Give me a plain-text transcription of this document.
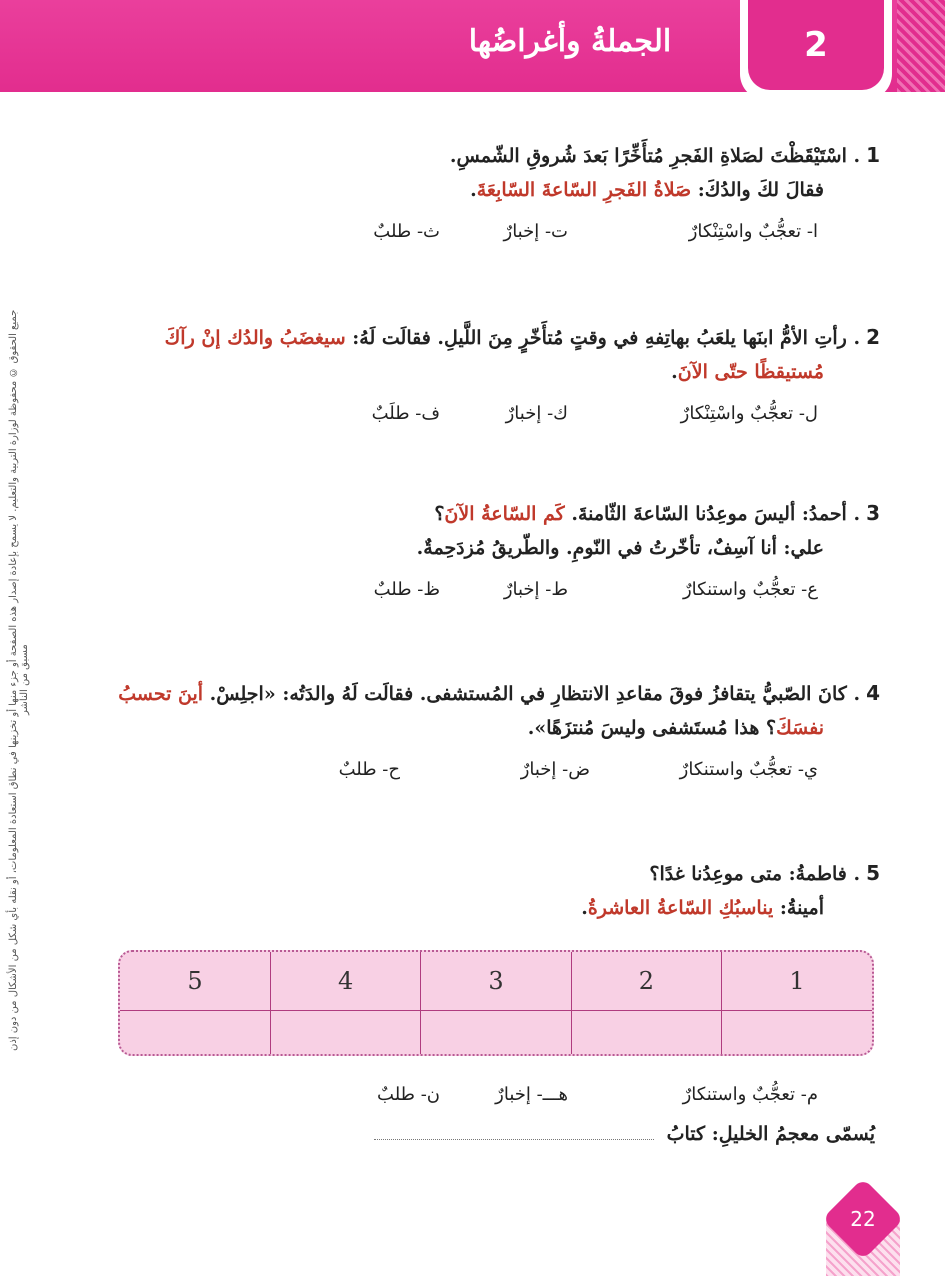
2
الجملةُ وأغراضُها
جميع الحقوق © محفوظة لوزارة التربية والتعليم. لا يسمح بإعادة إصدار هذه الصفحة أو جزء منها أو تخزينها في نطاق استعادة المعلومات، أو نقله بأي شكل من الأشكال من دون إذن مسبق من الناشر
1. اسْتَيْقَظْتَ لصَلاةِ الفَجرِ مُتأَخِّرًا بَعدَ شُروقِ الشّمسِ.
فقالَ لكَ والدُكَ: صَلاةُ الفَجرِ السّاعةَ السّابِعَةَ.
ا- تعجُّبٌ واسْتِنْكارٌ
ت- إخبارٌ
ث- طلبٌ
2. رأتِ الأمُّ ابنَها يلعَبُ بهاتِفهِ في وقتٍ مُتأَخّرٍ مِنَ اللَّيلِ. فقالَت لَهُ: سيغضَبُ والدُك إنْ رآكَ
مُستيقظًا حتّى الآنَ.
ل- تعجُّبٌ واسْتِنْكارٌ
ك- إخبارٌ
ف- طلَبٌ
3. أحمدُ: أليسَ موعِدُنا السّاعةَ الثّامنةَ. كَم السّاعةُ الآنَ؟
علي: أنا آسِفٌ، تأخّرتُ في النّومِ. والطّريقُ مُزدَحِمةٌ.
ع- تعجُّبٌ واستنكارٌ
ط- إخبارٌ
ظ- طلبٌ
4. كانَ الصّبيُّ يتقافزُ فوقَ مقاعدِ الانتظارِ في المُستشفى. فقالَت لَهُ والدَتُه: «اجلِسْ. أينَ تحسبُ
نفسَكَ؟ هذا مُستَشفى وليسَ مُنتزَهًا».
ي- تعجُّبٌ واستنكارٌ
ض- إخبارٌ
ح- طلبٌ
5. فاطمةُ: متى موعِدُنا غدًا؟
أمينةُ: يناسبُكِ السّاعةُ العاشرةُ.
م- تعجُّبٌ واستنكارٌ
هـــ- إخبارٌ
ن- طلبٌ
1	2	3	4	5

يُسمّى معجمُ الخليلِ: كتابُ
22
